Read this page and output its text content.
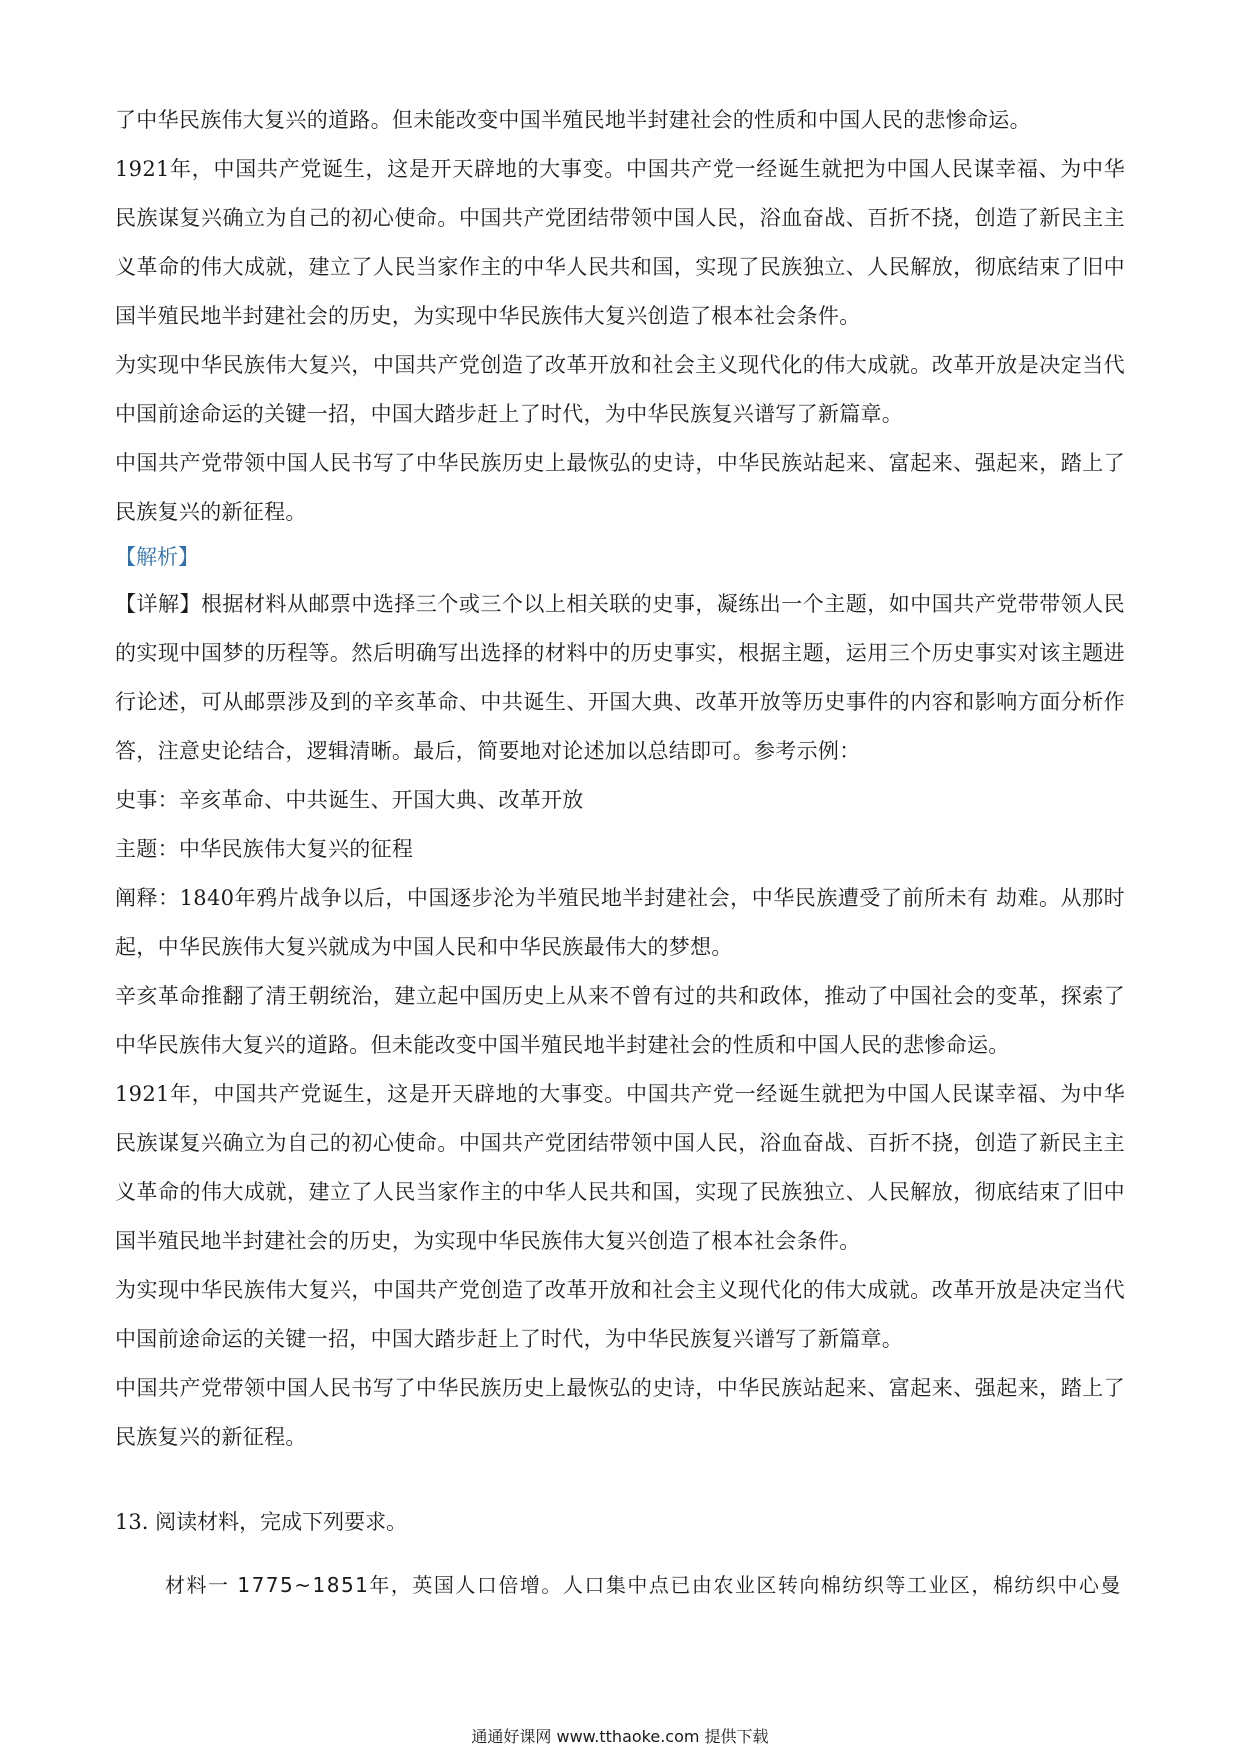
了中华民族伟大复兴的道路。但未能改变中国半殖民地半封建社会的性质和中国人民的悲惨命运。

1921年，中国共产党诞生，这是开天辟地的大事变。中国共产党一经诞生就把为中国人民谋幸福、为中华民族谋复兴确立为自己的初心使命。中国共产党团结带领中国人民，浴血奋战、百折不挠，创造了新民主主义革命的伟大成就，建立了人民当家作主的中华人民共和国，实现了民族独立、人民解放，彻底结束了旧中国半殖民地半封建社会的历史，为实现中华民族伟大复兴创造了根本社会条件。

为实现中华民族伟大复兴，中国共产党创造了改革开放和社会主义现代化的伟大成就。改革开放是决定当代中国前途命运的关键一招，中国大踏步赶上了时代，为中华民族复兴谱写了新篇章。

中国共产党带领中国人民书写了中华民族历史上最恢弘的史诗，中华民族站起来、富起来、强起来，踏上了民族复兴的新征程。

【解析】

【详解】根据材料从邮票中选择三个或三个以上相关联的史事，凝练出一个主题，如中国共产党带带领人民的实现中国梦的历程等。然后明确写出选择的材料中的历史事实，根据主题，运用三个历史事实对该主题进行论述，可从邮票涉及到的辛亥革命、中共诞生、开国大典、改革开放等历史事件的内容和影响方面分析作答，注意史论结合，逻辑清晰。最后，简要地对论述加以总结即可。参考示例：

史事：辛亥革命、中共诞生、开国大典、改革开放

主题：中华民族伟大复兴的征程

阐释：1840年鸦片战争以后，中国逐步沦为半殖民地半封建社会，中华民族遭受了前所未有 劫难。从那时起，中华民族伟大复兴就成为中国人民和中华民族最伟大的梦想。

辛亥革命推翻了清王朝统治，建立起中国历史上从来不曾有过的共和政体，推动了中国社会的变革，探索了中华民族伟大复兴的道路。但未能改变中国半殖民地半封建社会的性质和中国人民的悲惨命运。

1921年，中国共产党诞生，这是开天辟地的大事变。中国共产党一经诞生就把为中国人民谋幸福、为中华民族谋复兴确立为自己的初心使命。中国共产党团结带领中国人民，浴血奋战、百折不挠，创造了新民主主义革命的伟大成就，建立了人民当家作主的中华人民共和国，实现了民族独立、人民解放，彻底结束了旧中国半殖民地半封建社会的历史，为实现中华民族伟大复兴创造了根本社会条件。

为实现中华民族伟大复兴，中国共产党创造了改革开放和社会主义现代化的伟大成就。改革开放是决定当代中国前途命运的关键一招，中国大踏步赶上了时代，为中华民族复兴谱写了新篇章。

中国共产党带领中国人民书写了中华民族历史上最恢弘的史诗，中华民族站起来、富起来、强起来，踏上了民族复兴的新征程。

13. 阅读材料，完成下列要求。
材料一 1775~1851年，英国人口倍增。人口集中点已由农业区转向棉纺织等工业区，棉纺织中心曼
通通好课网 www.tthaoke.com 提供下载
